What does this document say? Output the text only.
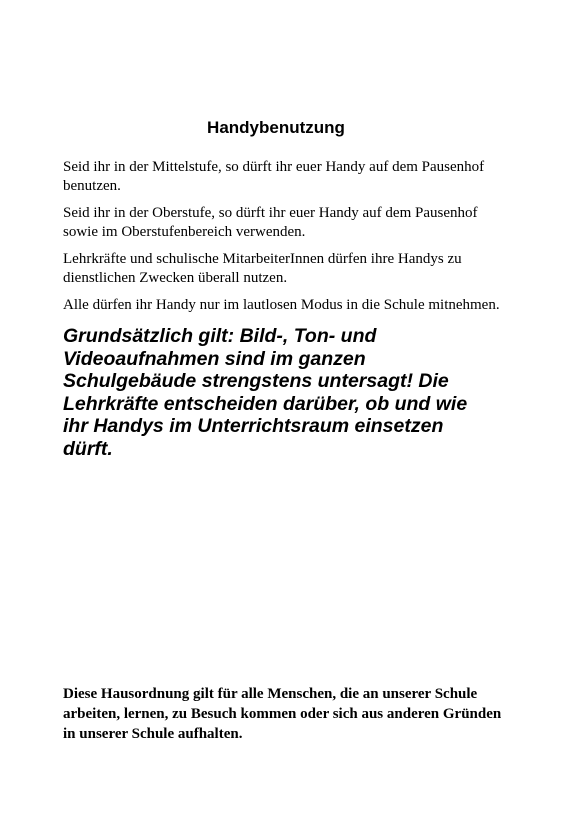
Handybenutzung

Seid ihr in der Mittelstufe, so dürft ihr euer Handy auf dem Pausenhof benutzen.

Seid ihr in der Oberstufe, so dürft ihr euer Handy auf dem Pausenhof sowie im Oberstufenbereich verwenden.

Lehrkräfte und schulische MitarbeiterInnen dürfen ihre Handys zu dienstlichen Zwecken überall nutzen.

Alle dürfen ihr Handy nur im lautlosen Modus in die Schule mitnehmen.

Grundsätzlich gilt: Bild-, Ton- und Videoaufnahmen sind im ganzen Schulgebäude strengstens untersagt! Die Lehrkräfte entscheiden darüber, ob und wie ihr Handys im Unterrichtsraum einsetzen dürft.

Diese Hausordnung gilt für alle Menschen, die an unserer Schule arbeiten, lernen, zu Besuch kommen oder sich aus anderen Gründen in unserer Schule aufhalten.
